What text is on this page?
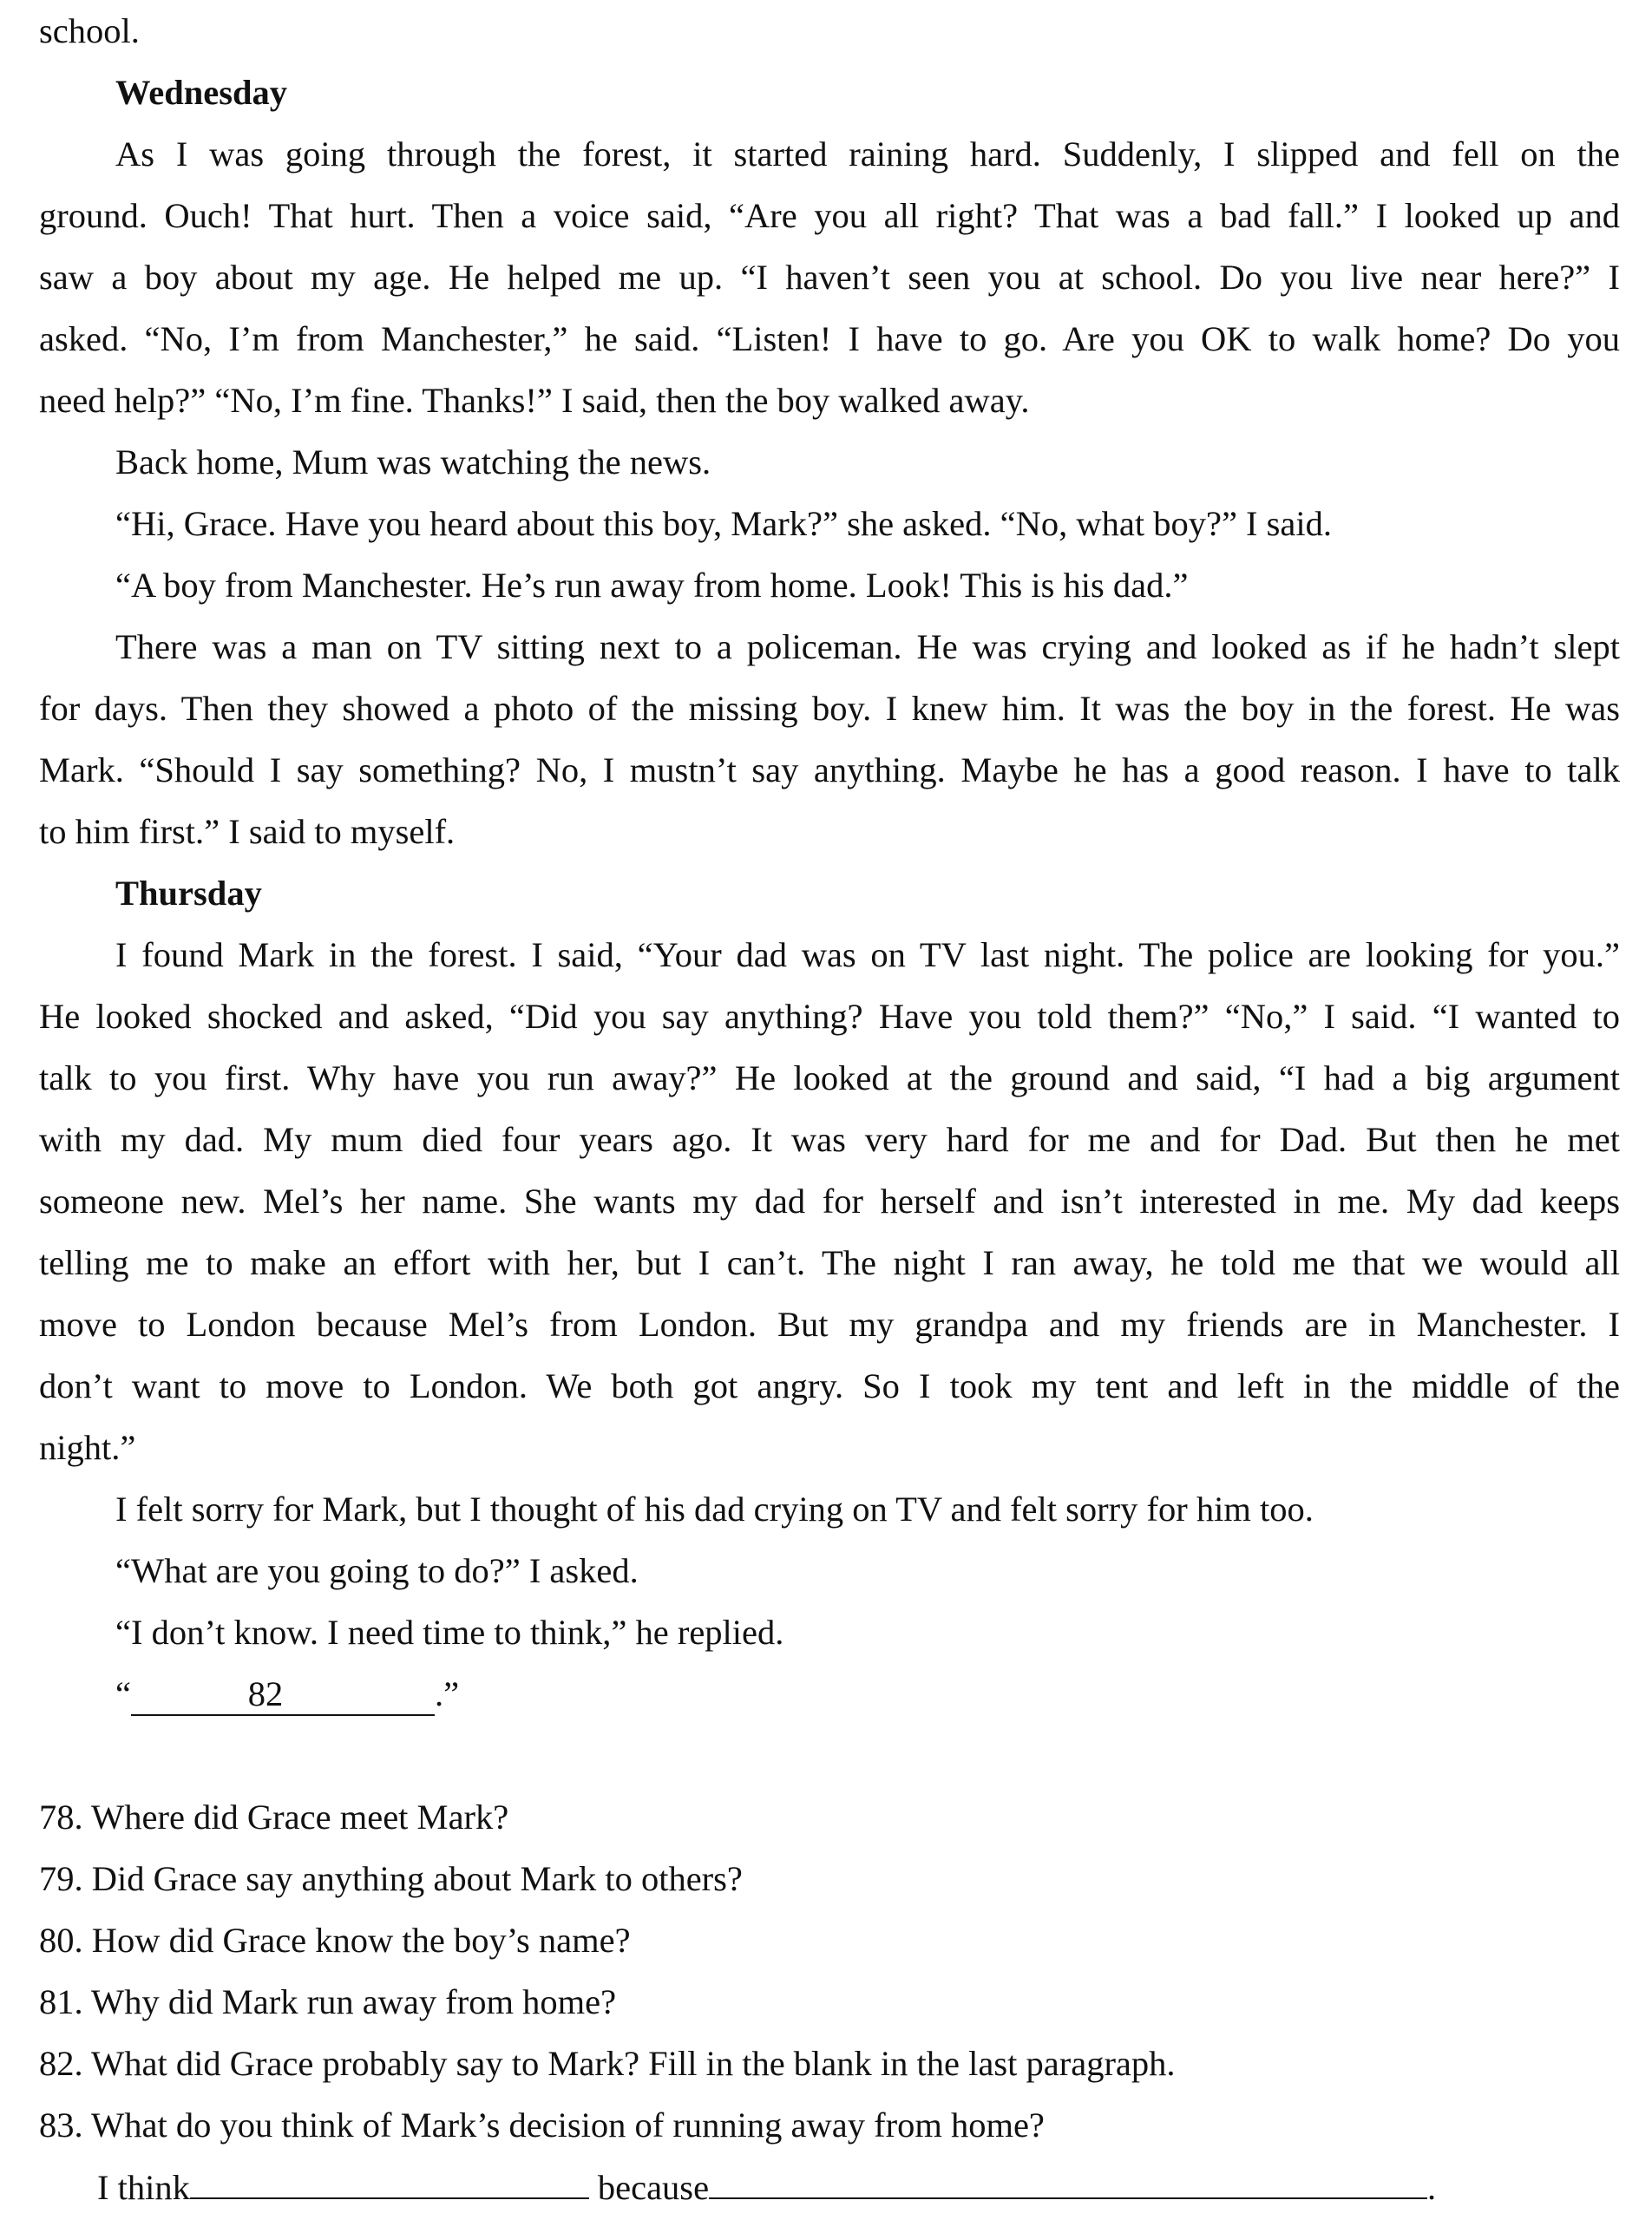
school.
Wednesday
As I was going through the forest, it started raining hard. Suddenly, I slipped and fell on the
ground. Ouch! That hurt. Then a voice said, “Are you all right? That was a bad fall.” I looked up and
saw a boy about my age. He helped me up. “I haven’t seen you at school. Do you live near here?” I
asked. “No, I’m from Manchester,” he said. “Listen! I have to go. Are you OK to walk home? Do you
need help?” “No, I’m fine. Thanks!” I said, then the boy walked away.
Back home, Mum was watching the news.
“Hi, Grace. Have you heard about this boy, Mark?” she asked. “No, what boy?” I said.
“A boy from Manchester. He’s run away from home. Look! This is his dad.”
There was a man on TV sitting next to a policeman. He was crying and looked as if he hadn’t slept
for days. Then they showed a photo of the missing boy. I knew him. It was the boy in the forest. He was
Mark. “Should I say something? No, I mustn’t say anything. Maybe he has a good reason. I have to talk
to him first.” I said to myself.
Thursday
I found Mark in the forest. I said, “Your dad was on TV last night. The police are looking for you.”
He looked shocked and asked, “Did you say anything? Have you told them?” “No,” I said. “I wanted to
talk to you first. Why have you run away?” He looked at the ground and said, “I had a big argument
with my dad. My mum died four years ago. It was very hard for me and for Dad. But then he met
someone new. Mel’s her name. She wants my dad for herself and isn’t interested in me. My dad keeps
telling me to make an effort with her, but I can’t. The night I ran away, he told me that we would all
move to London because Mel’s from London. But my grandpa and my friends are in Manchester. I
don’t want to move to London. We both got angry. So I took my tent and left in the middle of the
night.”
I felt sorry for Mark, but I thought of his dad crying on TV and felt sorry for him too.
“What are you going to do?” I asked.
“I don’t know. I need time to think,” he replied.
“	82	.”
78. Where did Grace meet Mark?
79. Did Grace say anything about Mark to others?
80. How did Grace know the boy’s name?
81. Why did Mark run away from home?
82. What did Grace probably say to Mark? Fill in the blank in the last paragraph.
83. What do you think of Mark’s decision of running away from home?
I think	because	.
